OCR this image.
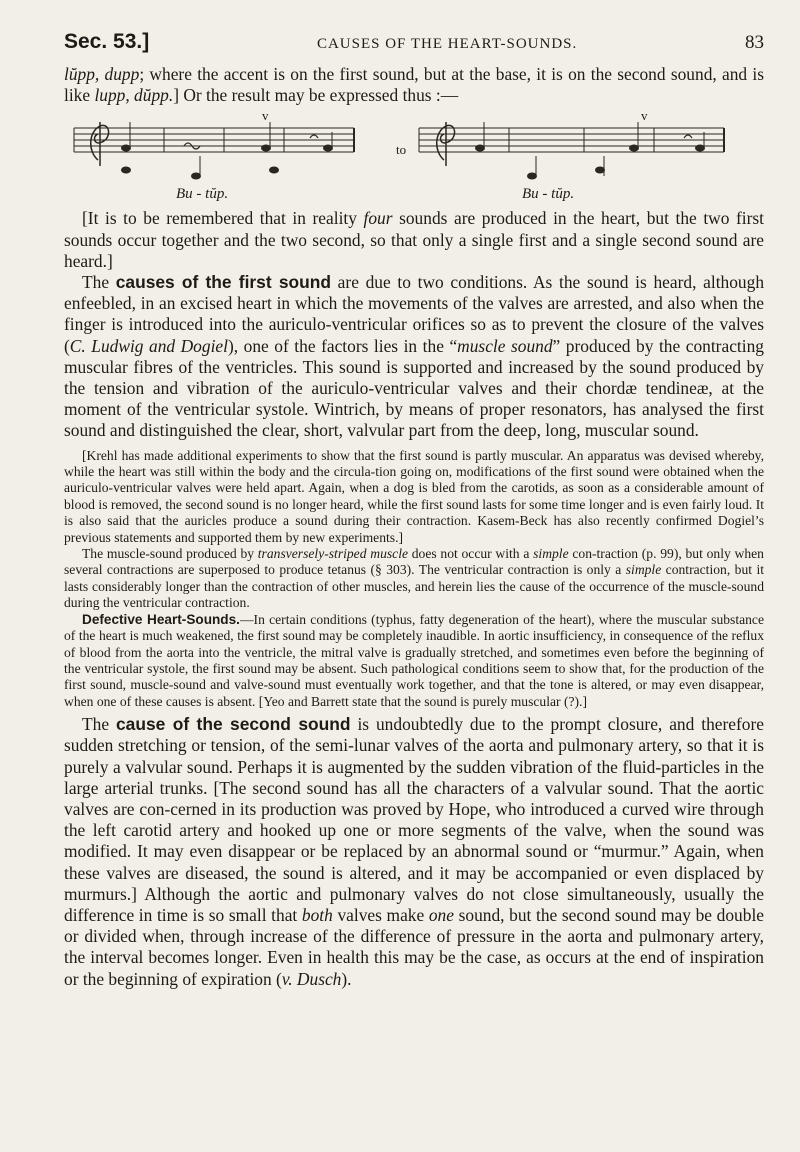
Sec. 53.]	CAUSES OF THE HEART-SOUNDS.	83

lŭpp, dupp; where the accent is on the first sound, but at the base, it is on the second sound, and is like lupp, dŭpp.] Or the result may be expressed thus :—

v	v
to
Bu - tŭp.	Bu - tŭp.

[It is to be remembered that in reality four sounds are produced in the heart, but the two first sounds occur together and the two second, so that only a single first and a single second sound are heard.]

The causes of the first sound are due to two conditions. As the sound is heard, although enfeebled, in an excised heart in which the movements of the valves are arrested, and also when the finger is introduced into the auriculo-ventricular orifices so as to prevent the closure of the valves (C. Ludwig and Dogiel), one of the factors lies in the “muscle sound” produced by the contracting muscular fibres of the ventricles. This sound is supported and increased by the sound produced by the tension and vibration of the auriculo-ventricular valves and their chordæ tendineæ, at the moment of the ventricular systole. Wintrich, by means of proper resonators, has analysed the first sound and distinguished the clear, short, valvular part from the deep, long, muscular sound.

[Krehl has made additional experiments to show that the first sound is partly muscular. An apparatus was devised whereby, while the heart was still within the body and the circula-tion going on, modifications of the first sound were obtained when the auriculo-ventricular valves were held apart. Again, when a dog is bled from the carotids, as soon as a considerable amount of blood is removed, the second sound is no longer heard, while the first sound lasts for some time longer and is even fairly loud. It is also said that the auricles produce a sound during their contraction. Kasem-Beck has also recently confirmed Dogiel’s previous statements and supported them by new experiments.]

The muscle-sound produced by transversely-striped muscle does not occur with a simple con-traction (p. 99), but only when several contractions are superposed to produce tetanus (§ 303). The ventricular contraction is only a simple contraction, but it lasts considerably longer than the contraction of other muscles, and herein lies the cause of the occurrence of the muscle-sound during the ventricular contraction.

Defective Heart-Sounds.—In certain conditions (typhus, fatty degeneration of the heart), where the muscular substance of the heart is much weakened, the first sound may be completely inaudible. In aortic insufficiency, in consequence of the reflux of blood from the aorta into the ventricle, the mitral valve is gradually stretched, and sometimes even before the beginning of the ventricular systole, the first sound may be absent. Such pathological conditions seem to show that, for the production of the first sound, muscle-sound and valve-sound must eventually work together, and that the tone is altered, or may even disappear, when one of these causes is absent. [Yeo and Barrett state that the sound is purely muscular (?).]

The cause of the second sound is undoubtedly due to the prompt closure, and therefore sudden stretching or tension, of the semi-lunar valves of the aorta and pulmonary artery, so that it is purely a valvular sound. Perhaps it is augmented by the sudden vibration of the fluid-particles in the large arterial trunks. [The second sound has all the characters of a valvular sound. That the aortic valves are con-cerned in its production was proved by Hope, who introduced a curved wire through the left carotid artery and hooked up one or more segments of the valve, when the sound was modified. It may even disappear or be replaced by an abnormal sound or “murmur.” Again, when these valves are diseased, the sound is altered, and it may be accompanied or even displaced by murmurs.] Although the aortic and pulmonary valves do not close simultaneously, usually the difference in time is so small that both valves make one sound, but the second sound may be double or divided when, through increase of the difference of pressure in the aorta and pulmonary artery, the interval becomes longer. Even in health this may be the case, as occurs at the end of inspiration or the beginning of expiration (v. Dusch).
